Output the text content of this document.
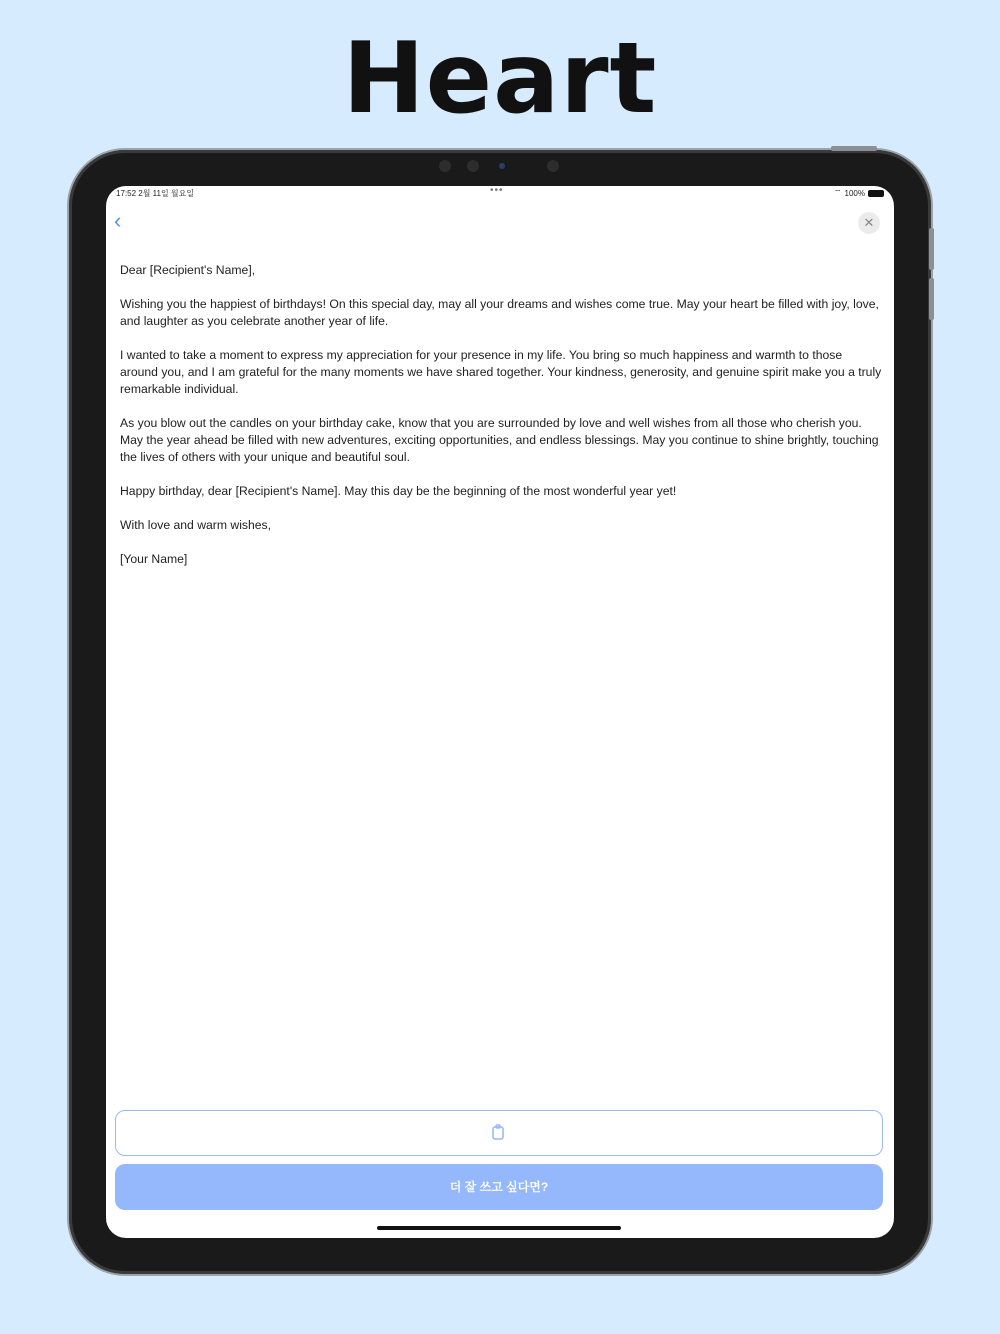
Heart
17:52 2월 11일 월요일	•••	⌔ 100%
‹	✕

Dear [Recipient's Name],

Wishing you the happiest of birthdays! On this special day, may all your dreams and wishes come true. May your heart be filled with joy, love, and laughter as you celebrate another year of life.

I wanted to take a moment to express my appreciation for your presence in my life. You bring so much happiness and warmth to those around you, and I am grateful for the many moments we have shared together. Your kindness, generosity, and genuine spirit make you a truly remarkable individual.

As you blow out the candles on your birthday cake, know that you are surrounded by love and well wishes from all those who cherish you. May the year ahead be filled with new adventures, exciting opportunities, and endless blessings. May you continue to shine brightly, touching the lives of others with your unique and beautiful soul.

Happy birthday, dear [Recipient's Name]. May this day be the beginning of the most wonderful year yet!

With love and warm wishes,

[Your Name]

더 잘 쓰고 싶다면?
